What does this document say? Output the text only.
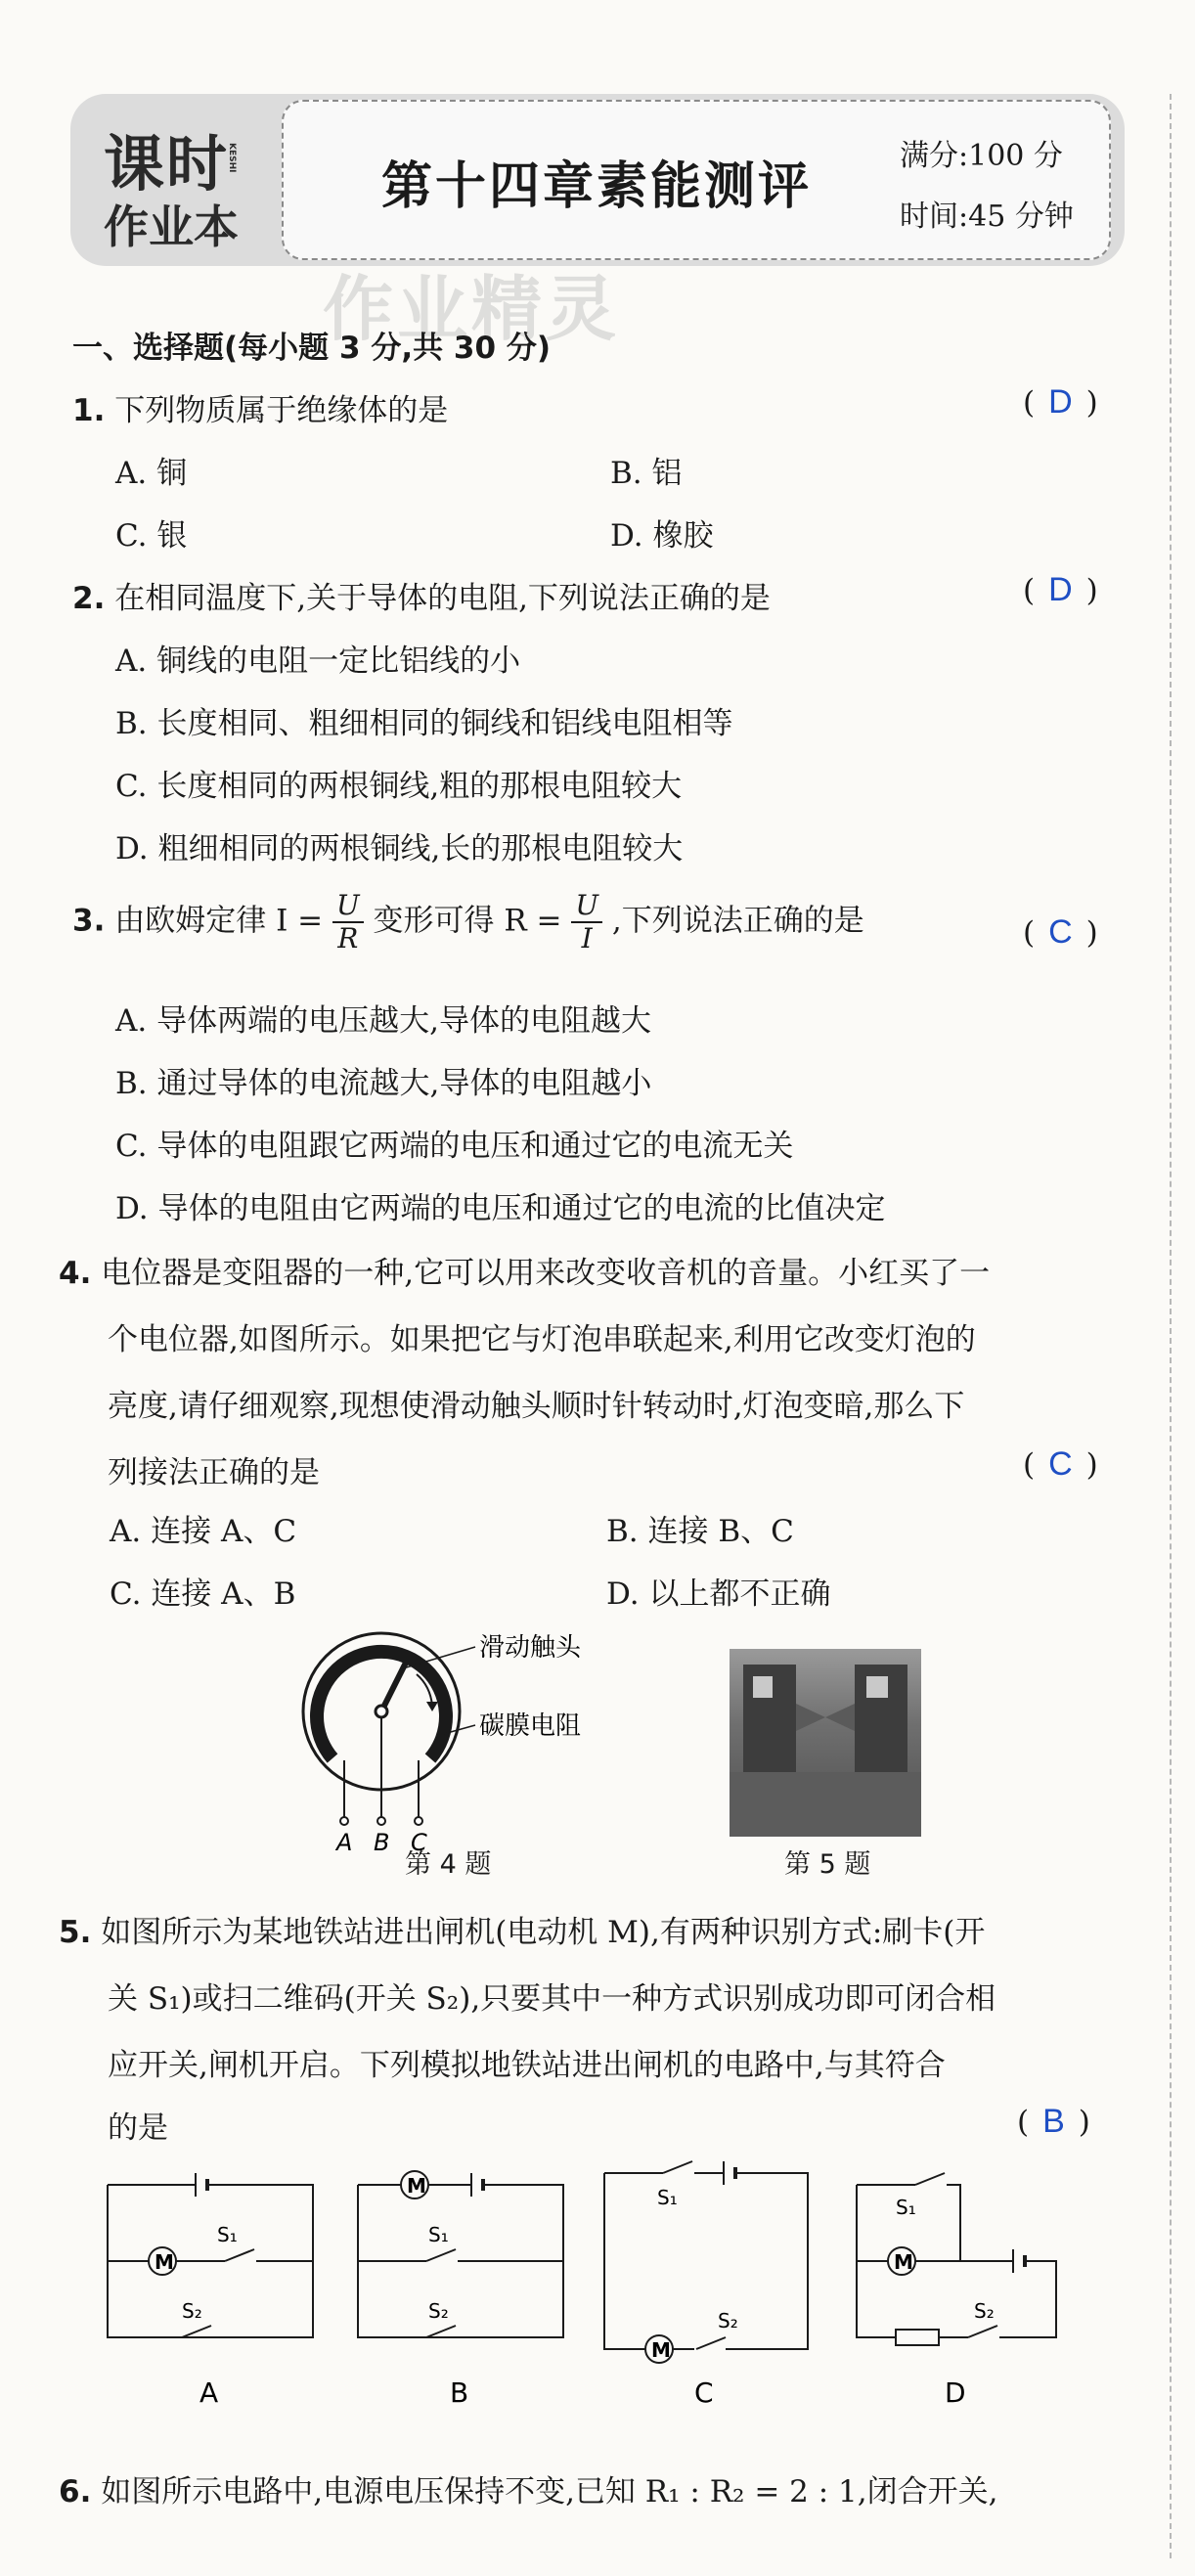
课时
KESHI
作业本
第十四章素能测评
满分:100 分
时间:45 分钟
作业精灵
一、选择题(每小题 3 分,共 30 分)
1. 下列物质属于绝缘体的是	( D )
A. 铜	B. 铝
C. 银	D. 橡胶
2. 在相同温度下,关于导体的电阻,下列说法正确的是	( D )
A. 铜线的电阻一定比铝线的小
B. 长度相同、粗细相同的铜线和铝线电阻相等
C. 长度相同的两根铜线,粗的那根电阻较大
D. 粗细相同的两根铜线,长的那根电阻较大
3. 由欧姆定律 $I = \frac{U}{R}$ 变形可得 $R = \frac{U}{I}$ ,下列说法正确的是	( C )
A. 导体两端的电压越大,导体的电阻越大
B. 通过导体的电流越大,导体的电阻越小
C. 导体的电阻跟它两端的电压和通过它的电流无关
D. 导体的电阻由它两端的电压和通过它的电流的比值决定
4. 电位器是变阻器的一种,它可以用来改变收音机的音量。小红买了一
个电位器,如图所示。如果把它与灯泡串联起来,利用它改变灯泡的
亮度,请仔细观察,现想使滑动触头顺时针转动时,灯泡变暗,那么下
列接法正确的是	( C )
A. 连接 A、C	B. 连接 B、C
C. 连接 A、B	D. 以上都不正确
A B C
滑动触头
碳膜电阻
第 4 题	第 5 题
5. 如图所示为某地铁站进出闸机(电动机 M),有两种识别方式:刷卡(开
关 S₁)或扫二维码(开关 S₂),只要其中一种方式识别成功即可闭合相
应开关,闸机开启。下列模拟地铁站进出闸机的电路中,与其符合
的是	( B )
M
M
M
M
S₁
S₂
S₁
S₂
S₁
S₂
S₁
S₂
A	B	C	D
6. 如图所示电路中,电源电压保持不变,已知 R₁ : R₂ = 2 : 1,闭合开关,
